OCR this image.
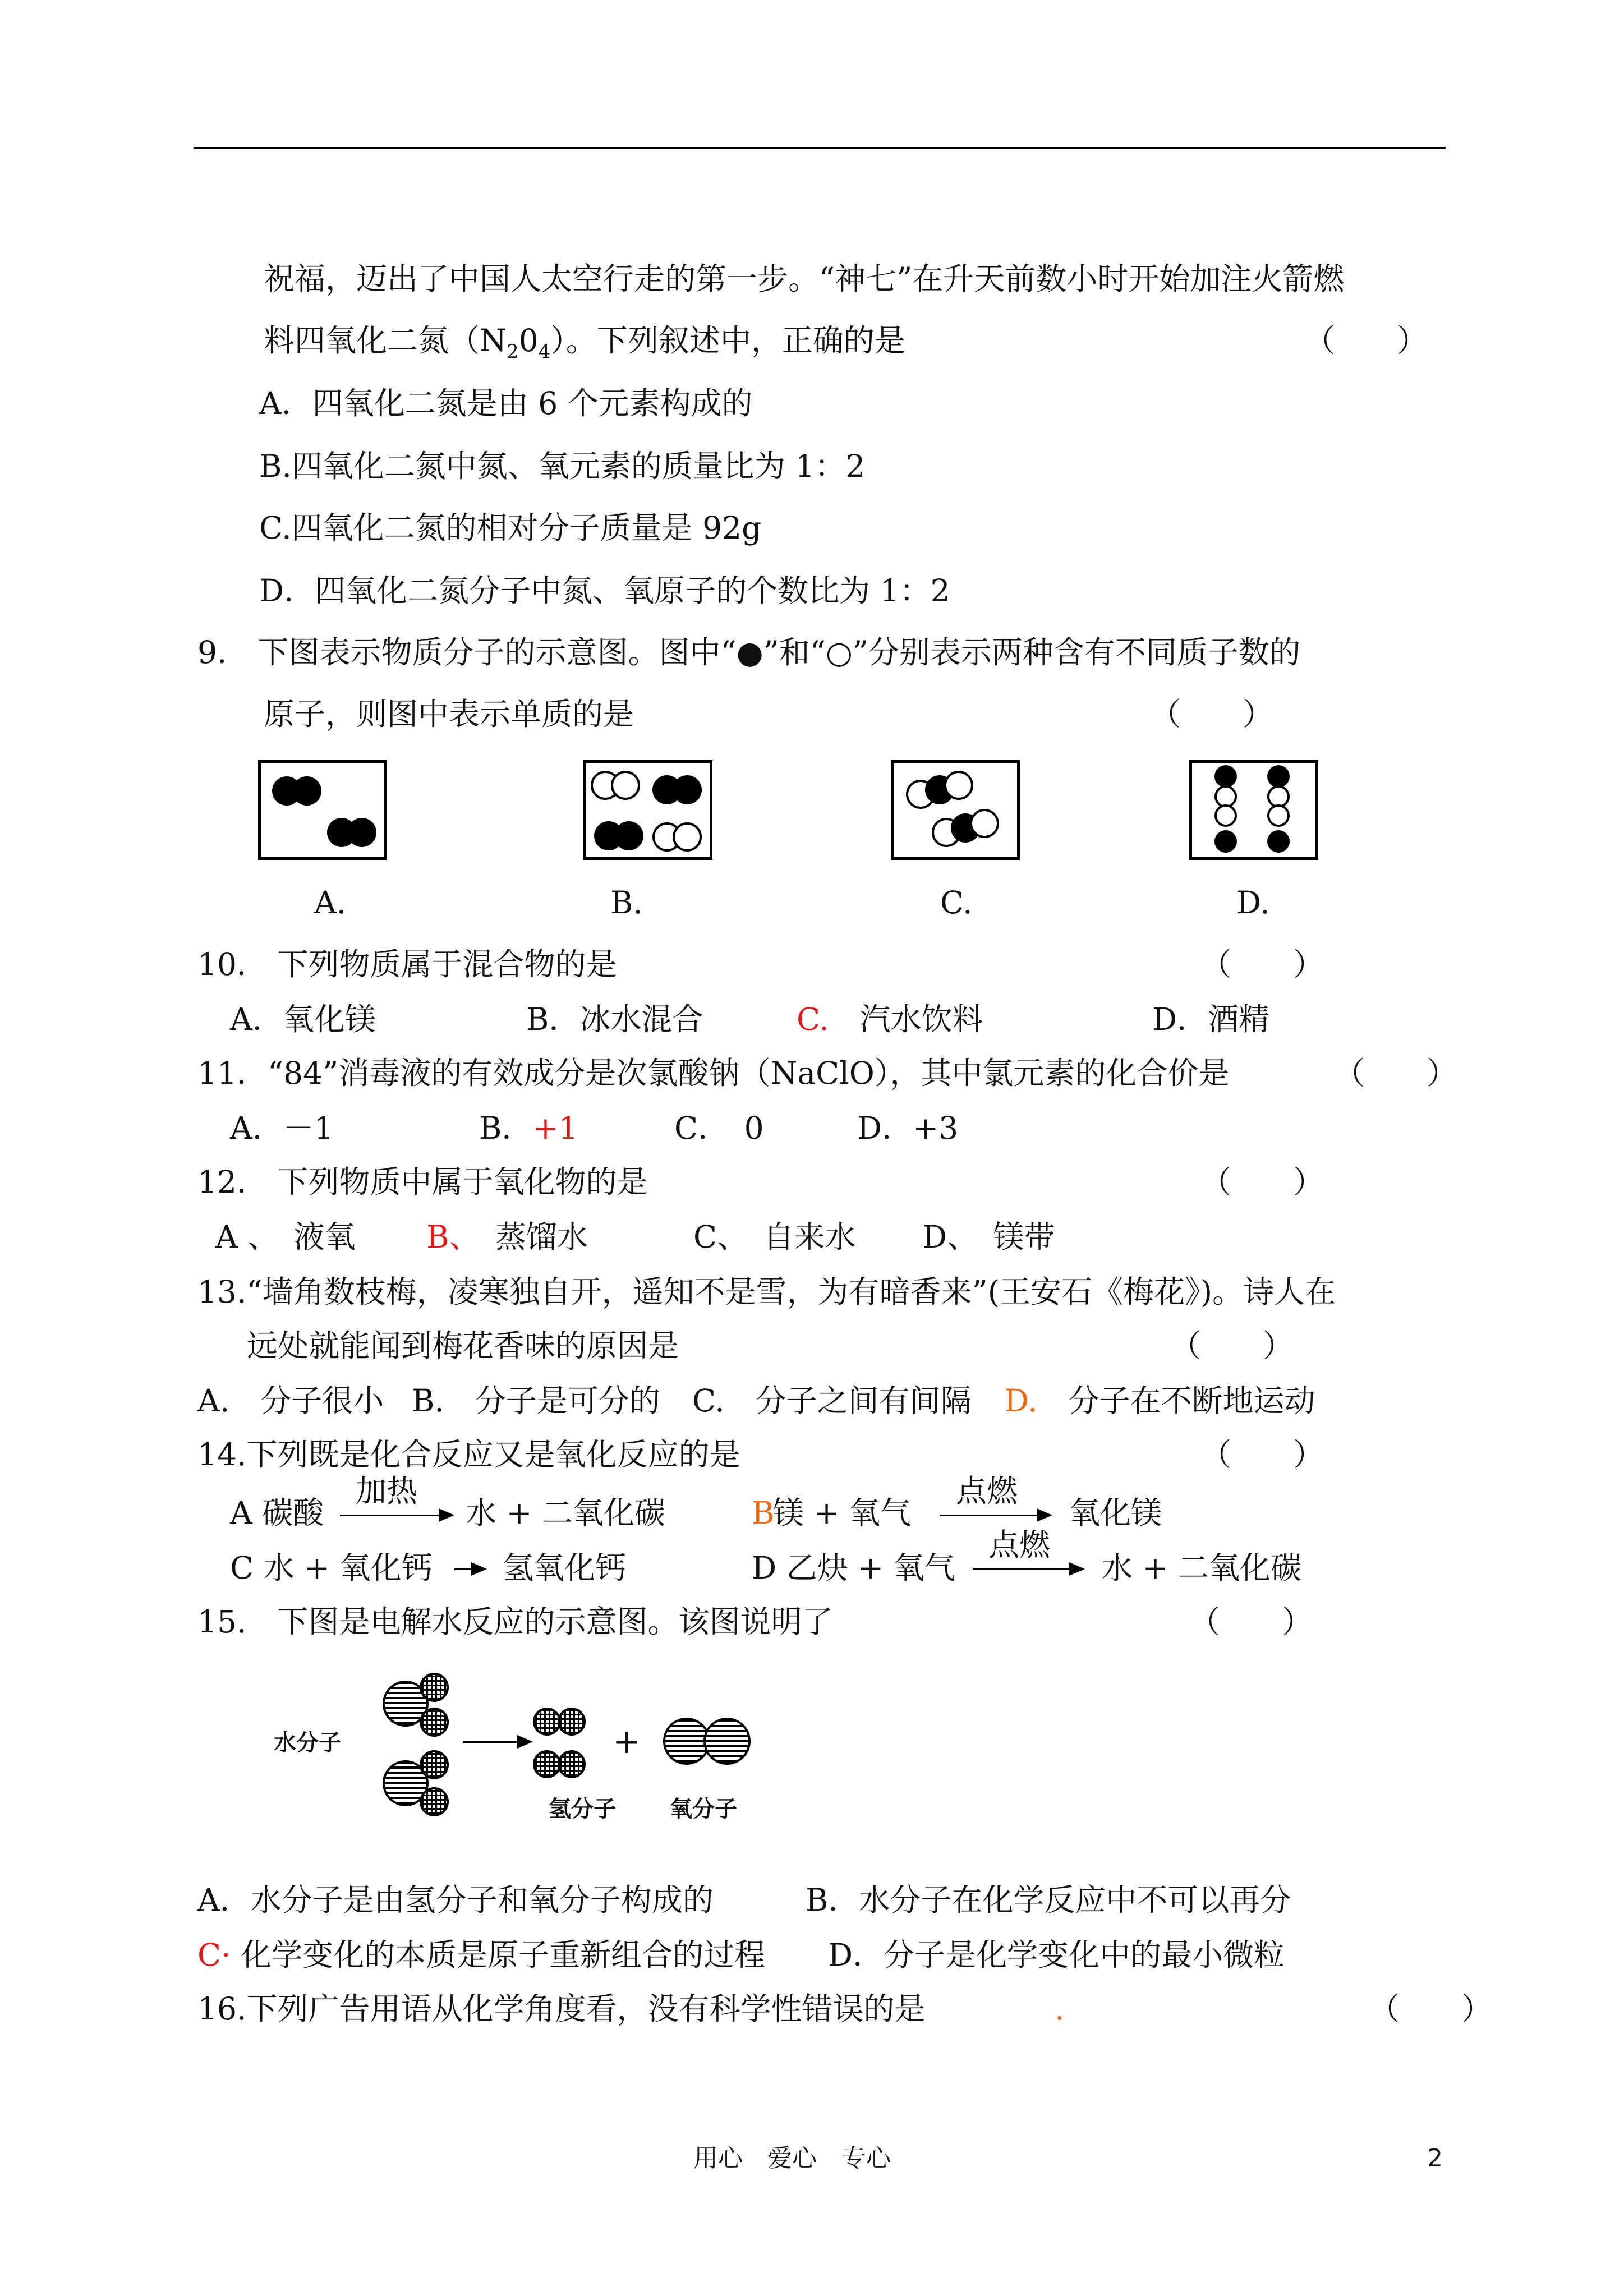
祝福，迈出了中国人太空行走的第一步。“神七”在升天前数小时开始加注火箭燃
料四氧化二氮$(N_20_4)$。下列叙述中，正确的是	（　　）
A．四氧化二氮是由 6 个元素构成的
B.四氧化二氮中氮、氧元素的质量比为 1：2
C.四氧化二氮的相对分子质量是 92g
D．四氧化二氮分子中氮、氧原子的个数比为 1：2
9． 下图表示物质分子的示意图。图中“●”和“○”分别表示两种含有不同质子数的
原子，则图中表示单质的是	（　　）
A.	B.	C.	D.
10． 下列物质属于混合物的是	（　　）
A．氧化镁	B．冰水混合	C.　 汽水饮料	D．酒精
11．“84”消毒液的有效成分是次氯酸钠（NaClO），其中氯元素的化合价是	（　　）
A．－1	B．+1	C．　0	D．+3
12． 下列物质中属于氧化物的是	（　　）
A 、　液氧 B、　 蒸馏水	C、　自来水 D、　镁带
13.“墙角数枝梅，凌寒独自开，遥知不是雪，为有暗香来”(王安石《梅花》)。诗人在
远处就能闻到梅花香味的原因是	（　　）
A.　分子很小 B.　分子是可分的 C.　分子之间有间隔 D.　 分子在不断地运动
14.下列既是化合反应又是氧化反应的是	（　　）
A 碳酸
加热
水 + 二氧化碳	B
镁 + 氧气
点燃
氧化镁
C 水 + 氧化钙 氢氧化钙	D 乙炔 + 氧气
点燃
水 + 二氧化碳
15.　下图是电解水反应的示意图。该图说明了	（　　）
水分子
氢分子
+
氧分子
A．水分子是由氢分子和氧分子构成的	B．水分子在化学反应中不可以再分
C· 化学变化的本质是原子重新组合的过程 D．分子是化学变化中的最小微粒
16.下列广告用语从化学角度看，没有科学性错误的是	.	（　　）
用心　爱心　专心	2
